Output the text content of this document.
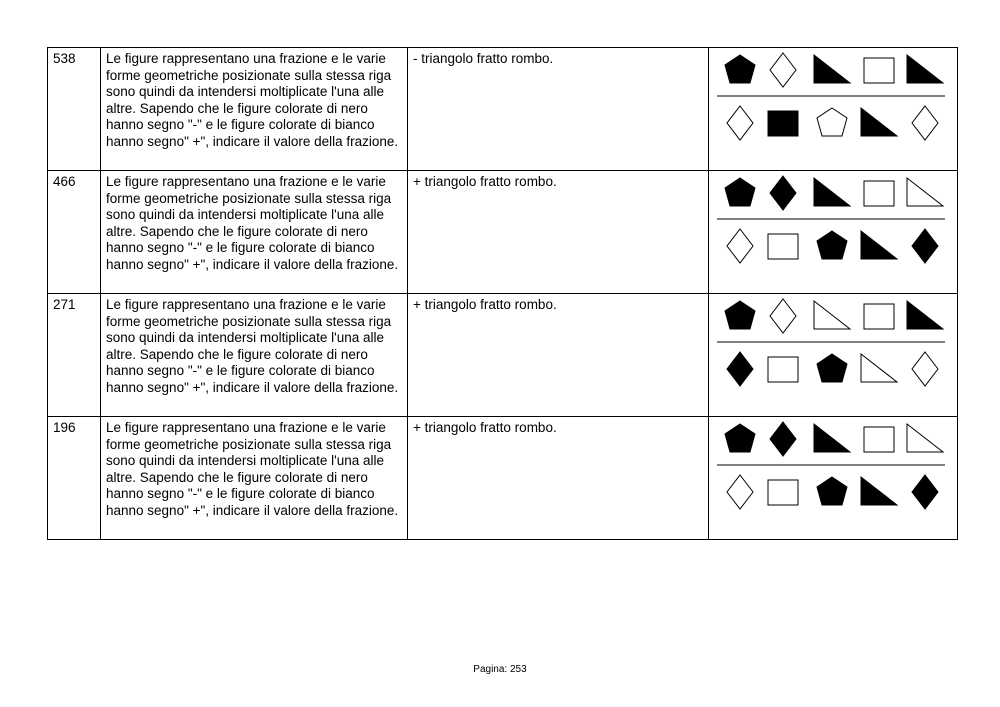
538	Le figure rappresentano una frazione e le varie forme geometriche posizionate sulla stessa riga sono quindi da intendersi moltiplicate l'una alle altre. Sapendo che le figure colorate di nero hanno segno "-" e le figure colorate di bianco hanno segno" +", indicare il valore della frazione.	- triangolo fratto rombo.	

466	Le figure rappresentano una frazione e le varie forme geometriche posizionate sulla stessa riga sono quindi da intendersi moltiplicate l'una alle altre. Sapendo che le figure colorate di nero hanno segno "-" e le figure colorate di bianco hanno segno" +", indicare il valore della frazione.	+ triangolo fratto rombo.	

271	Le figure rappresentano una frazione e le varie forme geometriche posizionate sulla stessa riga sono quindi da intendersi moltiplicate l'una alle altre. Sapendo che le figure colorate di nero hanno segno "-" e le figure colorate di bianco hanno segno" +", indicare il valore della frazione.	+ triangolo fratto rombo.	

196	Le figure rappresentano una frazione e le varie forme geometriche posizionate sulla stessa riga sono quindi da intendersi moltiplicate l'una alle altre. Sapendo che le figure colorate di nero hanno segno "-" e le figure colorate di bianco hanno segno" +", indicare il valore della frazione.	+ triangolo fratto rombo.	
Pagina: 253
